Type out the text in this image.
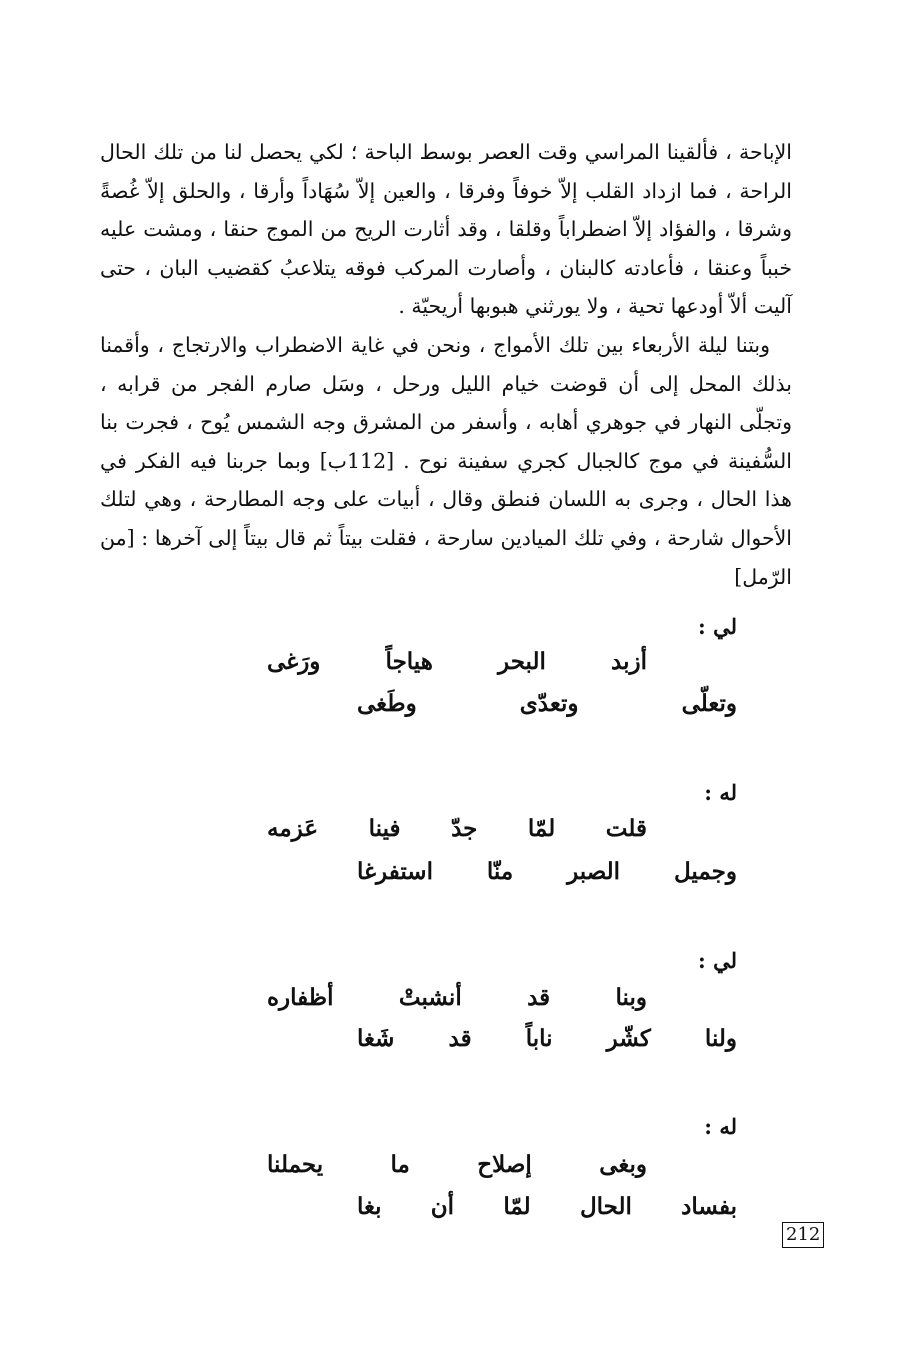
الإباحة ، فألقينا المراسي وقت العصر بوسط الباحة ؛ لكي يحصل لنا من تلك الحال الراحة ، فما ازداد القلب إلاّ خوفاً وفرقا ، والعين إلاّ سُهَاداً وأرقا ، والحلق إلاّ غُصةً وشرقا ، والفؤاد إلاّ اضطراباً وقلقا ، وقد أثارت الريح من الموج حنقا ، ومشت عليه خبباً وعنقا ، فأعادته كالبنان ، وأصارت المركب فوقه يتلاعبُ كقضيب البان ، حتى آليت ألاّ أودعها تحية ، ولا يورثني هبوبها أريحيّة .

وبتنا ليلة الأربعاء بين تلك الأمواج ، ونحن في غاية الاضطراب والارتجاج ، وأقمنا بذلك المحل إلى أن قوضت خيام الليل ورحل ، وسَل صارم الفجر من قرابه ، وتجلّى النهار في جوهري أهابه ، وأسفر من المشرق وجه الشمس يُوح ، فجرت بنا السُّفينة في موج كالجبال كجري سفينة نوح . [112ب] وبما جربنا فيه الفكر في هذا الحال ، وجرى به اللسان فنطق وقال ، أبيات على وجه المطارحة ، وهي لتلك الأحوال شارحة ، وفي تلك الميادين سارحة ، فقلت بيتاً ثم قال بيتاً إلى آخرها : [من الرّمل]

لي :
أزبد البحر هياجاً ورَغى
وتعلّى وتعدّى وطَغى
له :
قلت لمّا جدّ فينا عَزمه
وجميل الصبر منّا استفرغا
لي :
وبنا قد أنشبتْ أظفاره
ولنا كشّر ناباً قد شَغا
له :
وبغى إصلاح ما يحملنا
بفساد الحال لمّا أن بغا
212
